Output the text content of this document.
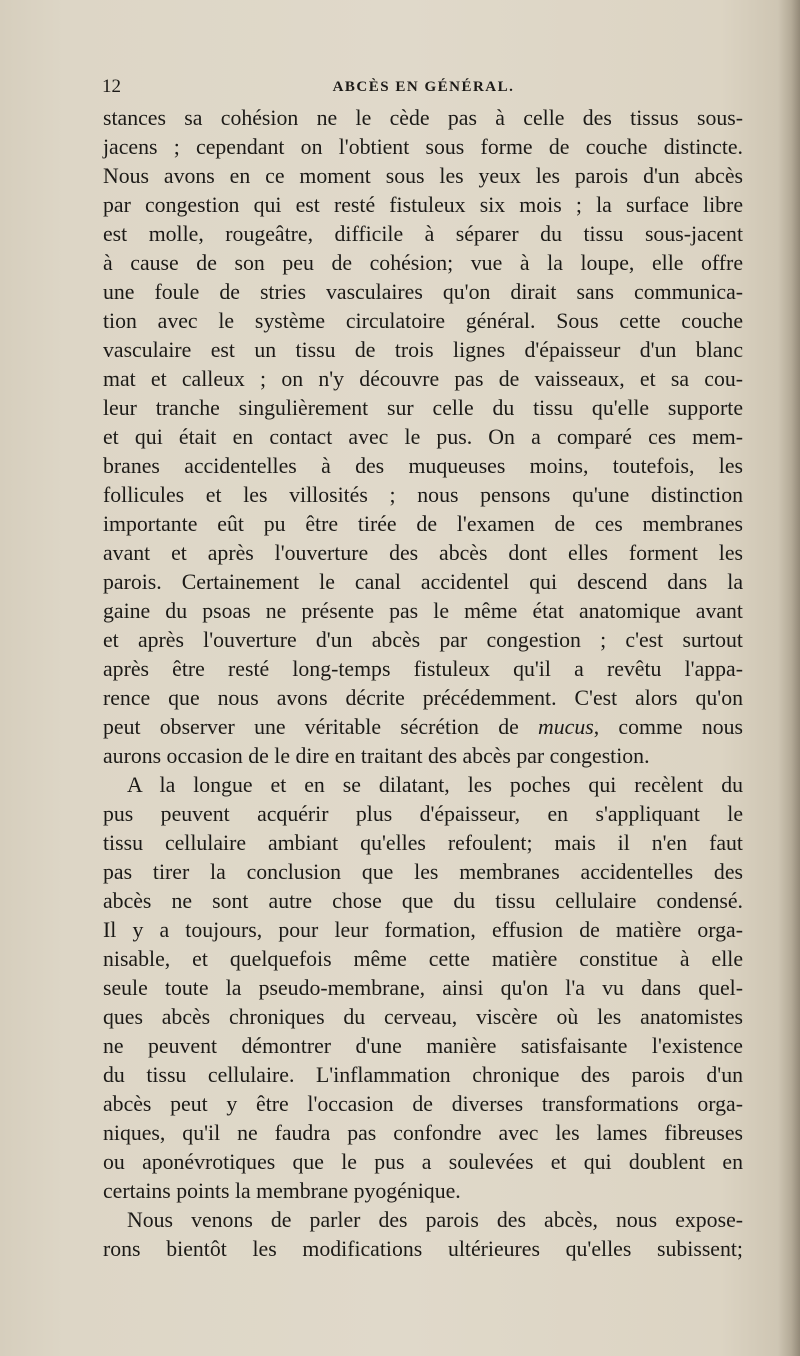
12	ABCÈS EN GÉNÉRAL.
stances sa cohésion ne le cède pas à celle des tissus sous-
jacens ; cependant on l'obtient sous forme de couche distincte.
Nous avons en ce moment sous les yeux les parois d'un abcès
par congestion qui est resté fistuleux six mois ; la surface libre
est molle, rougeâtre, difficile à séparer du tissu sous-jacent
à cause de son peu de cohésion; vue à la loupe, elle offre
une foule de stries vasculaires qu'on dirait sans communica-
tion avec le système circulatoire général. Sous cette couche
vasculaire est un tissu de trois lignes d'épaisseur d'un blanc
mat et calleux ; on n'y découvre pas de vaisseaux, et sa cou-
leur tranche singulièrement sur celle du tissu qu'elle supporte
et qui était en contact avec le pus. On a comparé ces mem-
branes accidentelles à des muqueuses moins, toutefois, les
follicules et les villosités ; nous pensons qu'une distinction
importante eût pu être tirée de l'examen de ces membranes
avant et après l'ouverture des abcès dont elles forment les
parois. Certainement le canal accidentel qui descend dans la
gaine du psoas ne présente pas le même état anatomique avant
et après l'ouverture d'un abcès par congestion ; c'est surtout
après être resté long-temps fistuleux qu'il a revêtu l'appa-
rence que nous avons décrite précédemment. C'est alors qu'on
peut observer une véritable sécrétion de mucus, comme nous
aurons occasion de le dire en traitant des abcès par congestion.
A la longue et en se dilatant, les poches qui recèlent du
pus peuvent acquérir plus d'épaisseur, en s'appliquant le
tissu cellulaire ambiant qu'elles refoulent; mais il n'en faut
pas tirer la conclusion que les membranes accidentelles des
abcès ne sont autre chose que du tissu cellulaire condensé.
Il y a toujours, pour leur formation, effusion de matière orga-
nisable, et quelquefois même cette matière constitue à elle
seule toute la pseudo-membrane, ainsi qu'on l'a vu dans quel-
ques abcès chroniques du cerveau, viscère où les anatomistes
ne peuvent démontrer d'une manière satisfaisante l'existence
du tissu cellulaire. L'inflammation chronique des parois d'un
abcès peut y être l'occasion de diverses transformations orga-
niques, qu'il ne faudra pas confondre avec les lames fibreuses
ou aponévrotiques que le pus a soulevées et qui doublent en
certains points la membrane pyogénique.
Nous venons de parler des parois des abcès, nous expose-
rons bientôt les modifications ultérieures qu'elles subissent;
